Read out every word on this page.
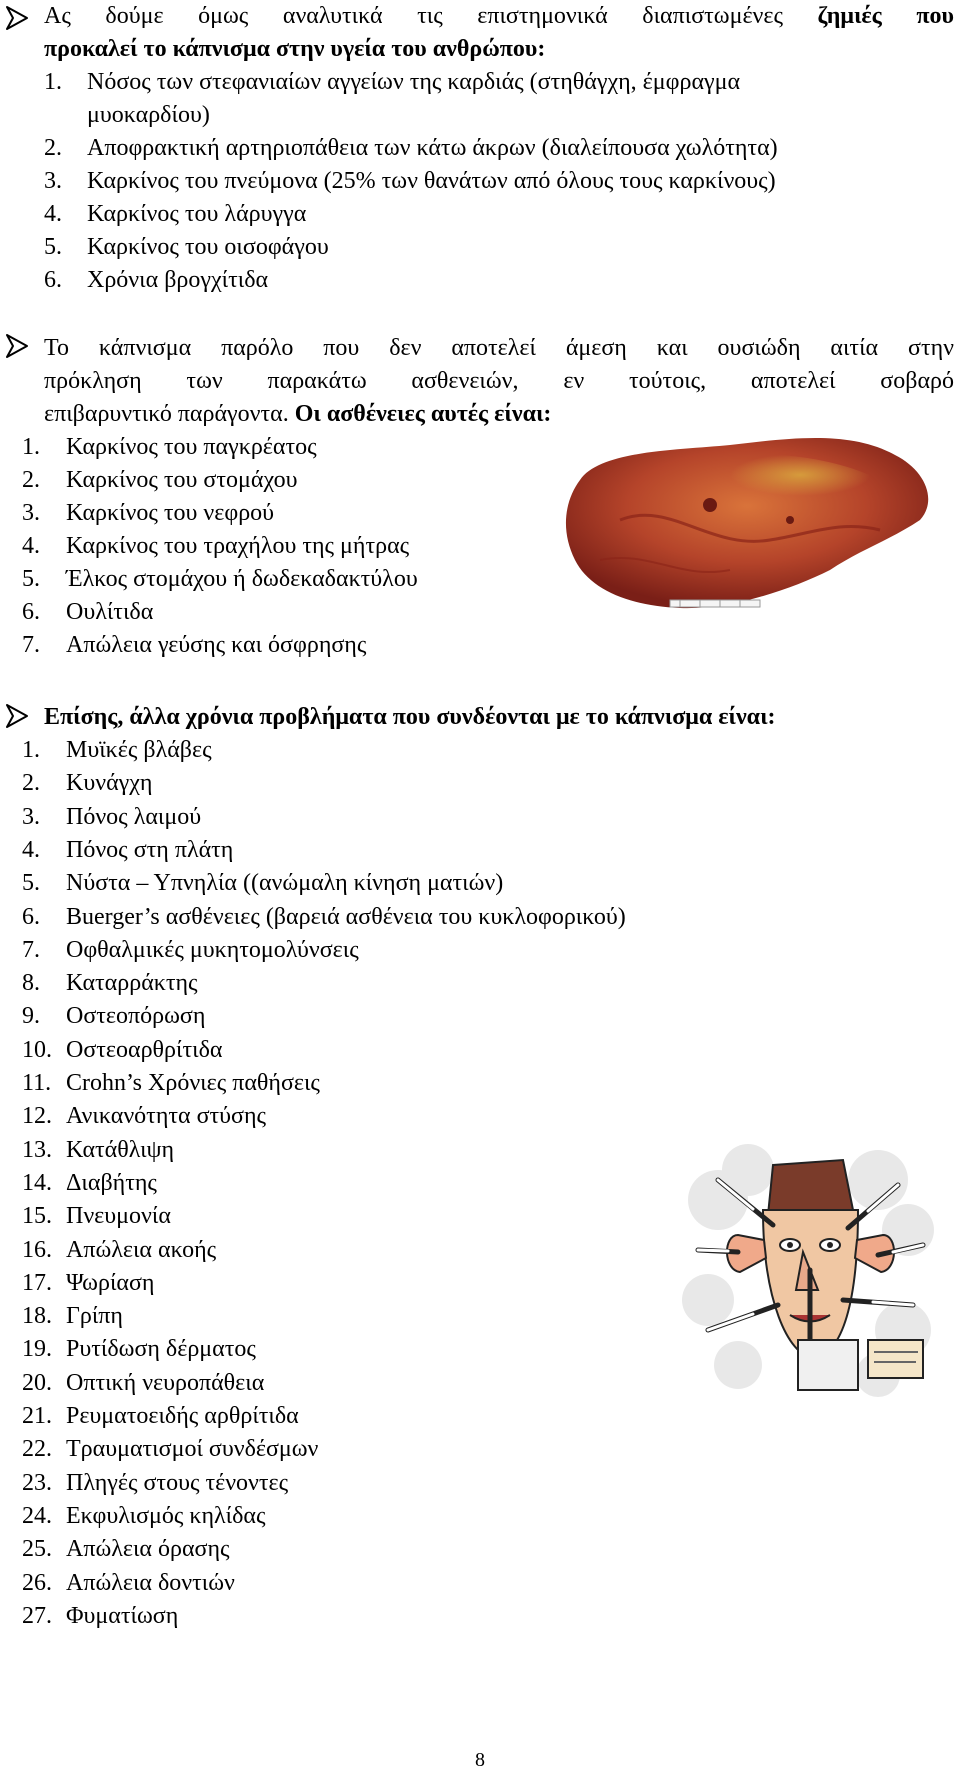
Ας δούμε όμως αναλυτικά τις επιστημονικά διαπιστωμένες ζημιές που
προκαλεί το κάπνισμα στην υγεία του ανθρώπου:
1. Νόσος των στεφανιαίων αγγείων της καρδιάς (στηθάγχη, έμφραγμα
μυοκαρδίου)
2. Αποφρακτική αρτηριοπάθεια των κάτω άκρων (διαλείπουσα χωλότητα)
3. Καρκίνος του πνεύμονα (25% των θανάτων από όλους τους καρκίνους)
4. Καρκίνος του λάρυγγα
5. Καρκίνος του οισοφάγου
6. Χρόνια βρογχίτιδα
Το κάπνισμα παρόλο που δεν αποτελεί άμεση και ουσιώδη αιτία στην
πρόκληση των παρακάτω ασθενειών, εν τούτοις, αποτελεί σοβαρό
επιβαρυντικό παράγοντα. Οι ασθένειες αυτές είναι:
1. Καρκίνος του παγκρέατος
2. Καρκίνος του στομάχου
3. Καρκίνος του νεφρού
4. Καρκίνος του τραχήλου της μήτρας
5. Έλκος στομάχου ή δωδεκαδακτύλου
6. Ουλίτιδα
7. Απώλεια γεύσης και όσφρησης
Επίσης, άλλα χρόνια προβλήματα που συνδέονται με το κάπνισμα είναι:
1. Μυϊκές βλάβες
2. Κυνάγχη
3. Πόνος λαιμού
4. Πόνος στη πλάτη
5. Νύστα – Υπνηλία ((ανώμαλη κίνηση ματιών)
6. Buerger’s ασθένειες (βαρειά ασθένεια του κυκλοφορικού)
7. Οφθαλμικές μυκητομολύνσεις
8. Καταρράκτης
9. Οστεοπόρωση
10. Οστεοαρθρίτιδα
11. Crohn’s Χρόνιες παθήσεις
12. Ανικανότητα στύσης
13. Κατάθλιψη
14. Διαβήτης
15. Πνευμονία
16. Απώλεια ακοής
17. Ψωρίαση
18. Γρίπη
19. Ρυτίδωση δέρματος
20. Οπτική νευροπάθεια
21. Ρευματοειδής αρθρίτιδα
22. Τραυματισμοί συνδέσμων
23. Πληγές στους τένοντες
24. Εκφυλισμός κηλίδας
25. Απώλεια όρασης
26. Απώλεια δοντιών
27. Φυματίωση
8
